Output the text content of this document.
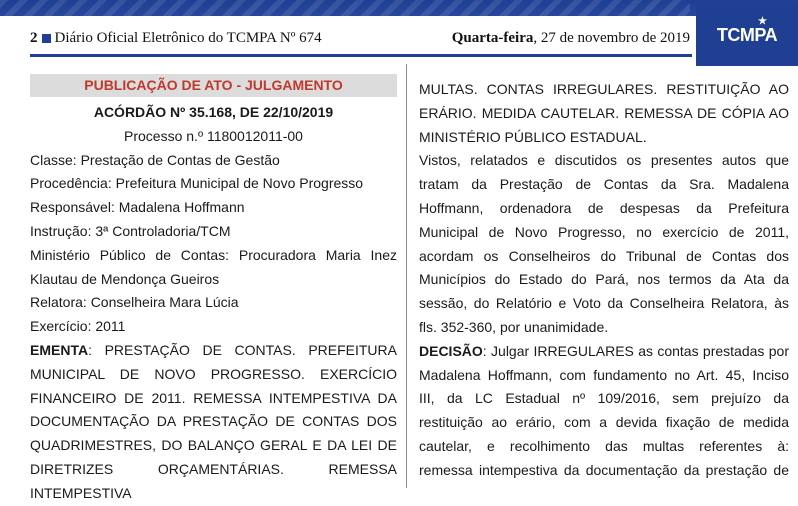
TCMPA
★
2 Diário Oficial Eletrônico do TCMPA Nº 674	Quarta-feira, 27 de novembro de 2019
PUBLICAÇÃO DE ATO - JULGAMENTO

ACÓRDÃO Nº 35.168, DE 22/10/2019

Processo n.º 1180012011-00

Classe: Prestação de Contas de Gestão

Procedência: Prefeitura Municipal de Novo Progresso

Responsável: Madalena Hoffmann

Instrução: 3ª Controladoria/TCM

Ministério Público de Contas: Procuradora Maria Inez

Klautau de Mendonça Gueiros

Relatora: Conselheira Mara Lúcia

Exercício: 2011

EMENTA: PRESTAÇÃO DE CONTAS. PREFEITURA

MUNICIPAL DE NOVO PROGRESSO. EXERCÍCIO

FINANCEIRO DE 2011. REMESSA INTEMPESTIVA DA

DOCUMENTAÇÃO DA PRESTAÇÃO DE CONTAS DOS

QUADRIMESTRES, DO BALANÇO GERAL E DA LEI DE

DIRETRIZES ORÇAMENTÁRIAS. REMESSA INTEMPESTIVA

MULTAS. CONTAS IRREGULARES. RESTITUIÇÃO AO

ERÁRIO. MEDIDA CAUTELAR. REMESSA DE CÓPIA AO

MINISTÉRIO PÚBLICO ESTADUAL.

Vistos, relatados e discutidos os presentes autos que

tratam da Prestação de Contas da Sra. Madalena

Hoffmann, ordenadora de despesas da Prefeitura

Municipal de Novo Progresso, no exercício de 2011,

acordam os Conselheiros do Tribunal de Contas dos

Municípios do Estado do Pará, nos termos da Ata da

sessão, do Relatório e Voto da Conselheira Relatora, às

fls. 352-360, por unanimidade.

DECISÃO: Julgar IRREGULARES as contas prestadas por

Madalena Hoffmann, com fundamento no Art. 45, Inciso

III, da LC Estadual nº 109/2016, sem prejuízo da

restituição ao erário, com a devida fixação de medida

cautelar, e recolhimento das multas referentes à:

remessa intempestiva da documentação da prestação de
